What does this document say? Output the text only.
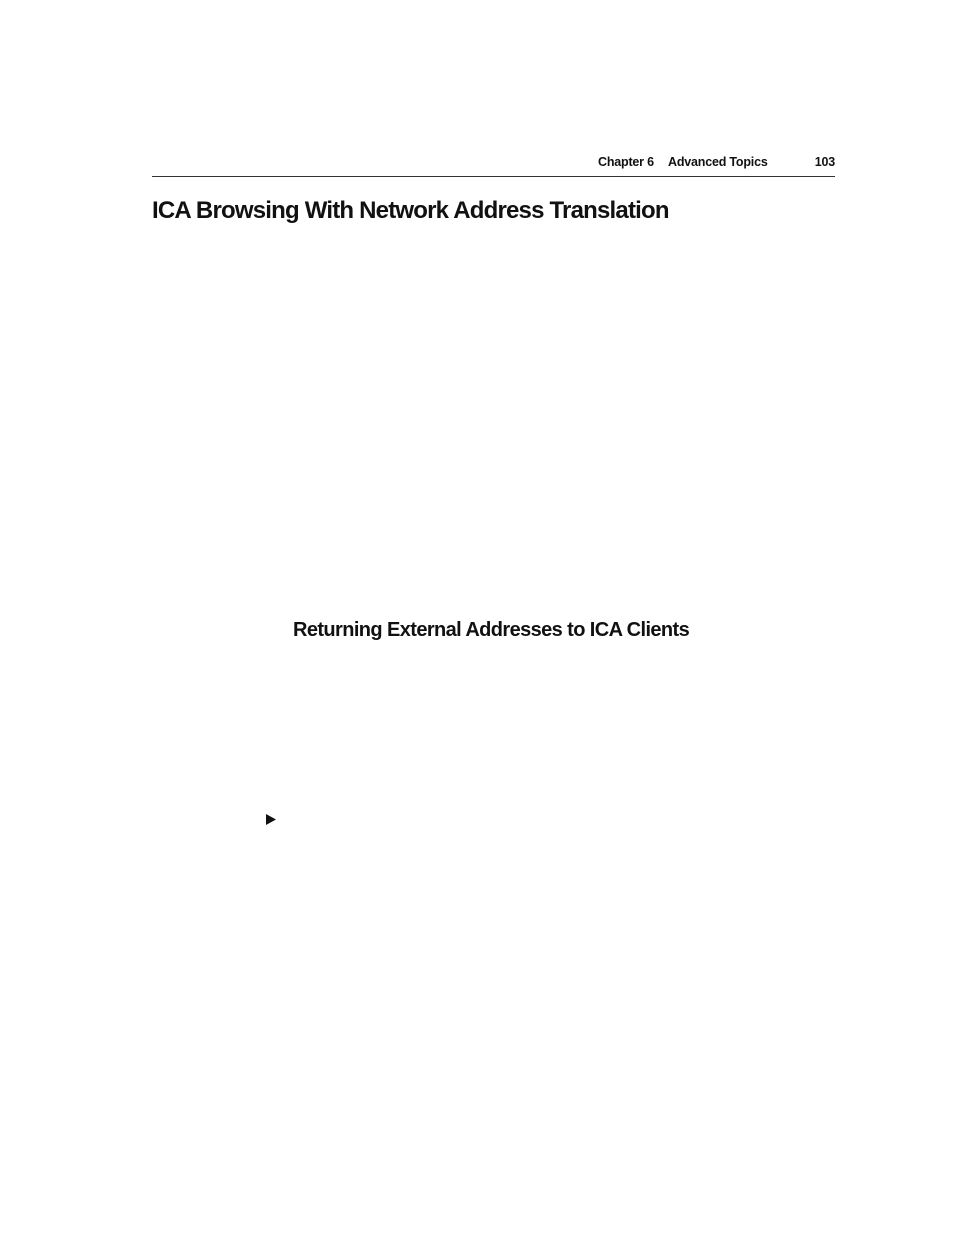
Chapter 6 Advanced Topics	103
ICA Browsing With Network Address Translation
Returning External Addresses to ICA Clients
